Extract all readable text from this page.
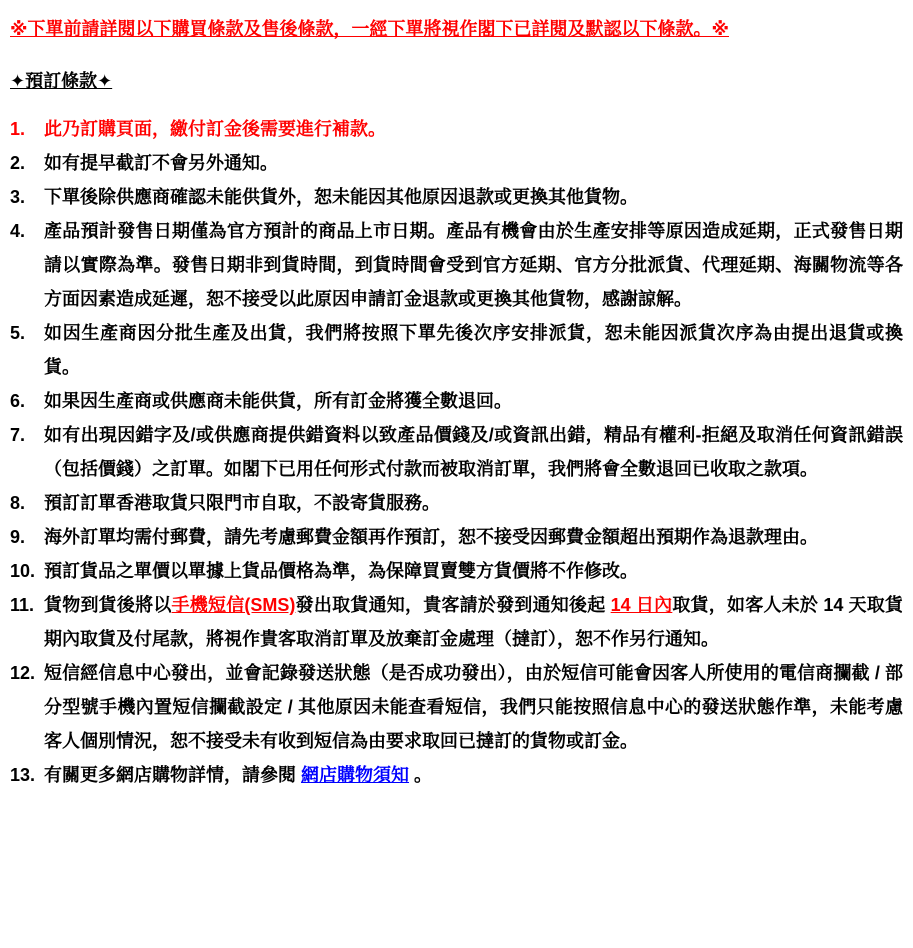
※下單前請詳閱以下購買條款及售後條款，一經下單將視作閣下已詳閱及默認以下條款。※
✦預訂條款✦
1.	此乃訂購頁面，繳付訂金後需要進行補款。
2.	如有提早截訂不會另外通知。
3.	下單後除供應商確認未能供貨外，恕未能因其他原因退款或更換其他貨物。
4.	產品預計發售日期僅為官方預計的商品上市日期。產品有機會由於生產安排等原因造成延期，正式發售日期請以實際為準。發售日期非到貨時間，到貨時間會受到官方延期、官方分批派貨、代理延期、海關物流等各方面因素造成延遲，恕不接受以此原因申請訂金退款或更換其他貨物，感謝諒解。
5.	如因生產商因分批生產及出貨，我們將按照下單先後次序安排派貨，恕未能因派貨次序為由提出退貨或換貨。
6.	如果因生產商或供應商未能供貨，所有訂金將獲全數退回。
7.	如有出現因錯字及/或供應商提供錯資料以致產品價錢及/或資訊出錯，精品有權利-拒絕及取消任何資訊錯誤（包括價錢）之訂單。如閣下已用任何形式付款而被取消訂單，我們將會全數退回已收取之款項。
8.	預訂訂單香港取貨只限門市自取，不設寄貨服務。
9.	海外訂單均需付郵費，請先考慮郵費金額再作預訂，恕不接受因郵費金額超出預期作為退款理由。
10. 預訂貨品之單價以單據上貨品價格為準，為保障買賣雙方貨價將不作修改。
11. 貨物到貨後將以手機短信(SMS)發出取貨通知，貴客請於發到通知後起 14 日內取貨，如客人未於 14 天取貨期內取貨及付尾款，將視作貴客取消訂單及放棄訂金處理（撻訂），恕不作另行通知。
12. 短信經信息中心發出，並會記錄發送狀態（是否成功發出），由於短信可能會因客人所使用的電信商攔截 / 部分型號手機內置短信攔截設定 / 其他原因未能查看短信，我們只能按照信息中心的發送狀態作準，未能考慮客人個別情況，恕不接受未有收到短信為由要求取回已撻訂的貨物或訂金。
13. 有關更多網店購物詳情，請參閱 網店購物須知 。
